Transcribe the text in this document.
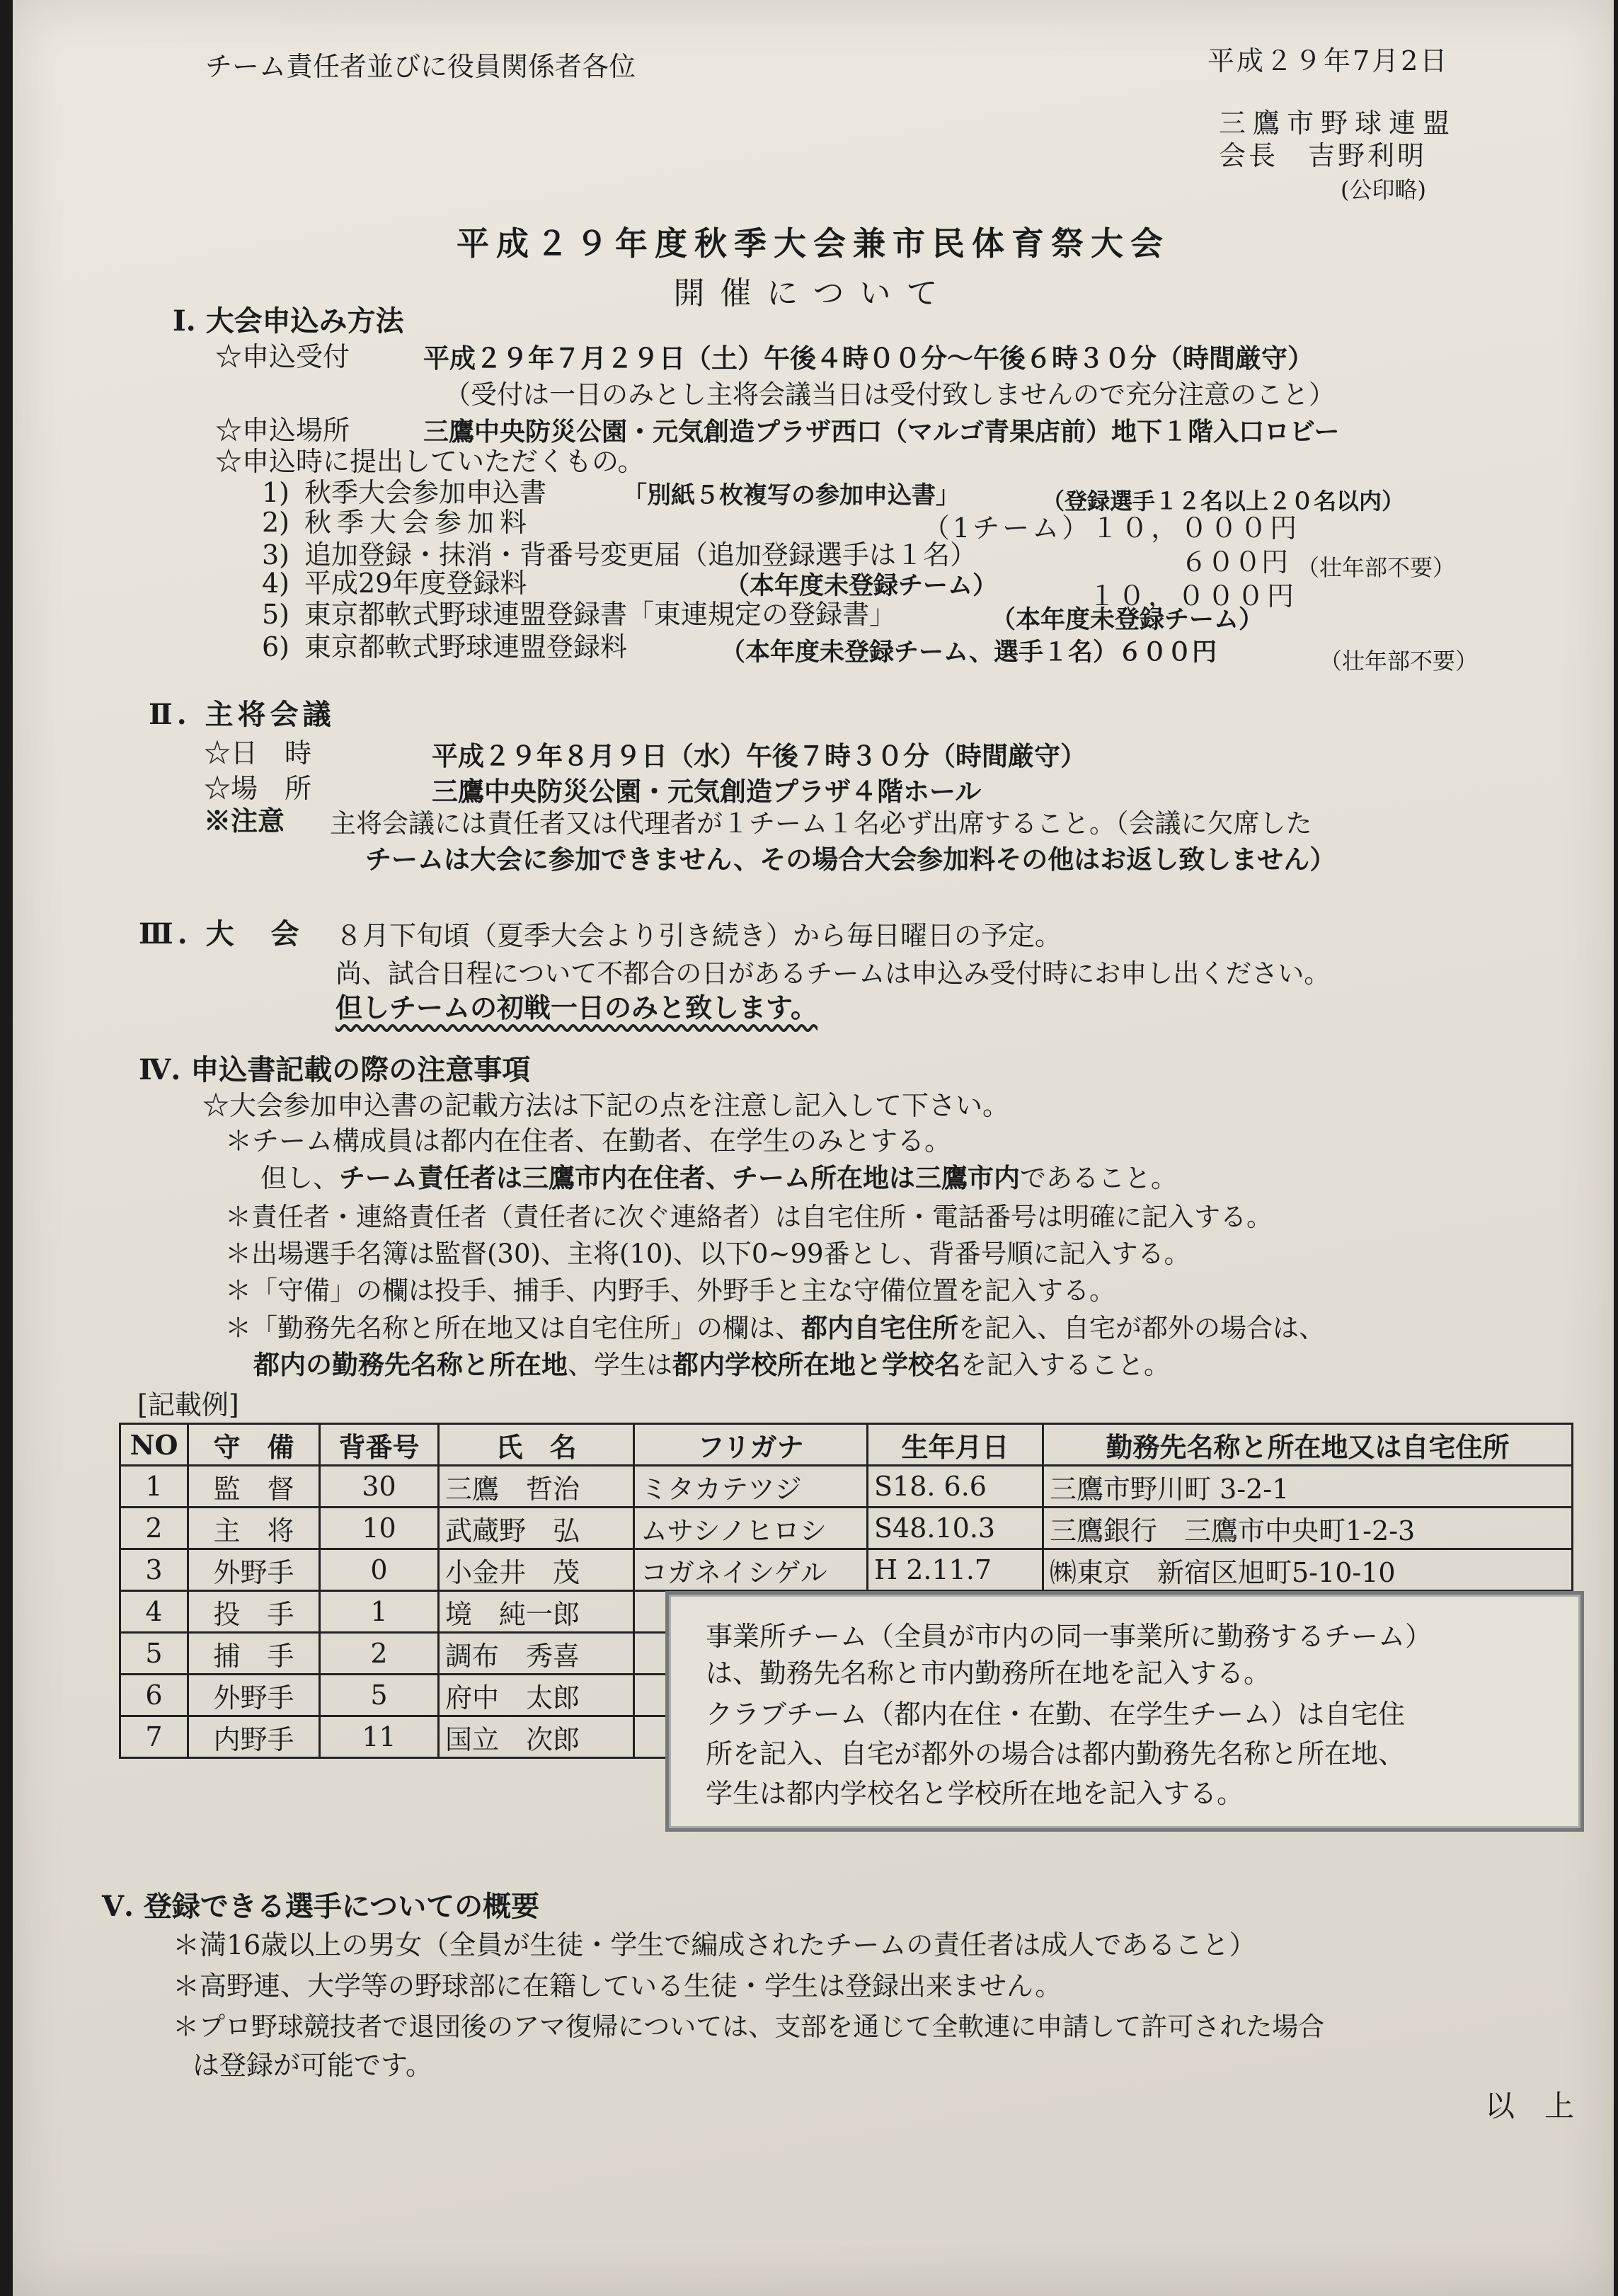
チーム責任者並びに役員関係者各位	平成２９年7月2日
三鷹市野球連盟
会長　吉野利明
(公印略)
平成２９年度秋季大会兼市民体育祭大会
開催について
Ⅰ. 大会申込み方法
☆申込受付	平成２９年７月２９日（土）午後４時００分～午後６時３０分（時間厳守）
（受付は一日のみとし主将会議当日は受付致しませんので充分注意のこと）
☆申込場所	三鷹中央防災公園・元気創造プラザ西口（マルゴ青果店前）地下１階入口ロビー
☆申込時に提出していただくもの。
1) 秋季大会参加申込書	「別紙５枚複写の参加申込書」	（登録選手１２名以上２０名以内）
2) 秋季大会参加料	（1チーム）１０，０００円
3) 追加登録・抹消・背番号変更届（追加登録選手は１名）	６００円 （壮年部不要）
4) 平成29年度登録料	（本年度未登録チーム）	１０，０００円
5) 東京都軟式野球連盟登録書「東連規定の登録書」	（本年度未登録チーム）
6) 東京都軟式野球連盟登録料	（本年度未登録チーム、選手１名）６００円	（壮年部不要）
Ⅱ. 主将会議
☆日　時	平成２９年８月９日（水）午後７時３０分（時間厳守）
☆場　所	三鷹中央防災公園・元気創造プラザ４階ホール
※注意 主将会議には責任者又は代理者が１チーム１名必ず出席すること。（会議に欠席した
チームは大会に参加できません、その場合大会参加料その他はお返し致しません）
Ⅲ. 大　会 ８月下旬頃（夏季大会より引き続き）から毎日曜日の予定。
尚、試合日程について不都合の日があるチームは申込み受付時にお申し出ください。
但しチームの初戦一日のみと致します。
Ⅳ. 申込書記載の際の注意事項
☆大会参加申込書の記載方法は下記の点を注意し記入して下さい。
＊チーム構成員は都内在住者、在勤者、在学生のみとする。
但し、チーム責任者は三鷹市内在住者、チーム所在地は三鷹市内であること。
＊責任者・連絡責任者（責任者に次ぐ連絡者）は自宅住所・電話番号は明確に記入する。
＊出場選手名簿は監督(30)、主将(10)、以下0~99番とし、背番号順に記入する。
＊「守備」の欄は投手、捕手、内野手、外野手と主な守備位置を記入する。
＊「勤務先名称と所在地又は自宅住所」の欄は、都内自宅住所を記入、自宅が都外の場合は、
都内の勤務先名称と所在地、学生は都内学校所在地と学校名を記入すること。
[記載例]
NO	守　備	背番号	氏　名	フリガナ	生年月日	勤務先名称と所在地又は自宅住所
1	監　督	30	三鷹　哲治	ミタカテツジ	S18. 6.6	三鷹市野川町 3-2-1
2	主　将	10	武蔵野　弘	ムサシノヒロシ	S48.10.3	三鷹銀行　三鷹市中央町1-2-3
3	外野手	0	小金井　茂	コガネイシゲル	H 2.11.7	㈱東京　新宿区旭町5-10-10
4	投　手	1	境　純一郎			
5	捕　手	2	調布　秀喜			
6	外野手	5	府中　太郎			
7	内野手	11	国立　次郎			
事業所チーム（全員が市内の同一事業所に勤務するチーム）
は、勤務先名称と市内勤務所在地を記入する。
クラブチーム（都内在住・在勤、在学生チーム）は自宅住
所を記入、自宅が都外の場合は都内勤務先名称と所在地、
学生は都内学校名と学校所在地を記入する。
Ⅴ. 登録できる選手についての概要
＊満16歳以上の男女（全員が生徒・学生で編成されたチームの責任者は成人であること）
＊高野連、大学等の野球部に在籍している生徒・学生は登録出来ません。
＊プロ野球競技者で退団後のアマ復帰については、支部を通じて全軟連に申請して許可された場合
は登録が可能です。
以　上
